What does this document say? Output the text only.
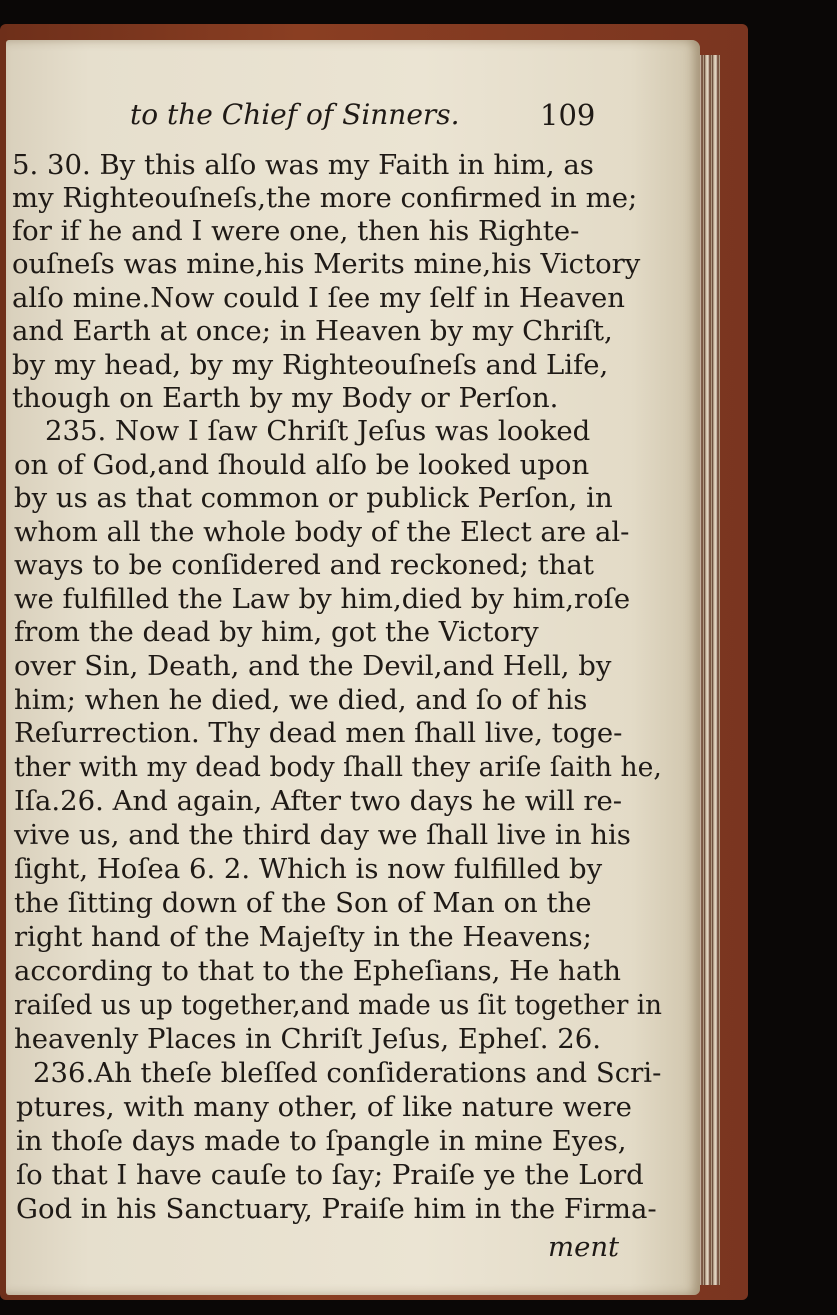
to the Chief of Sinners.	109
5. 30. By this alſo was my Faith in him, as
my Righteouſneſs,the more confirmed in me;
for if he and I were one, then his Righte-
ouſneſs was mine,his Merits mine,his Victory
alſo mine.Now could I ſee my ſelf in Heaven
and Earth at once; in Heaven by my Chriſt,
by my head, by my Righteouſneſs and Life,
though on Earth by my Body or Perſon.
235. Now I ſaw Chriſt Jeſus was looked
on of God,and ſhould alſo be looked upon
by us as that common or publick Perſon, in
whom all the whole body of the Elect are al-
ways to be conſidered and reckoned; that
we fulfilled the Law by him,died by him,roſe
from the dead by him, got the Victory
over Sin, Death, and the Devil,and Hell, by
him; when he died, we died, and ſo of his
Reſurrection. Thy dead men ſhall live, toge-
ther with my dead body ſhall they ariſe ſaith he,
Iſa.26. And again, After two days he will re-
vive us, and the third day we ſhall live in his
ſight, Hoſea 6. 2. Which is now fulfilled by
the ſitting down of the Son of Man on the
right hand of the Majeſty in the Heavens;
according to that to the Epheſians, He hath
raiſed us up together,and made us ſit together in
heavenly Places in Chriſt Jeſus, Epheſ. 26.
236.Ah theſe bleſſed conſiderations and Scri-
ptures, with many other, of like nature were
in thoſe days made to ſpangle in mine Eyes,
ſo that I have cauſe to ſay; Praiſe ye the Lord
God in his Sanctuary, Praiſe him in the Firma-
ment
